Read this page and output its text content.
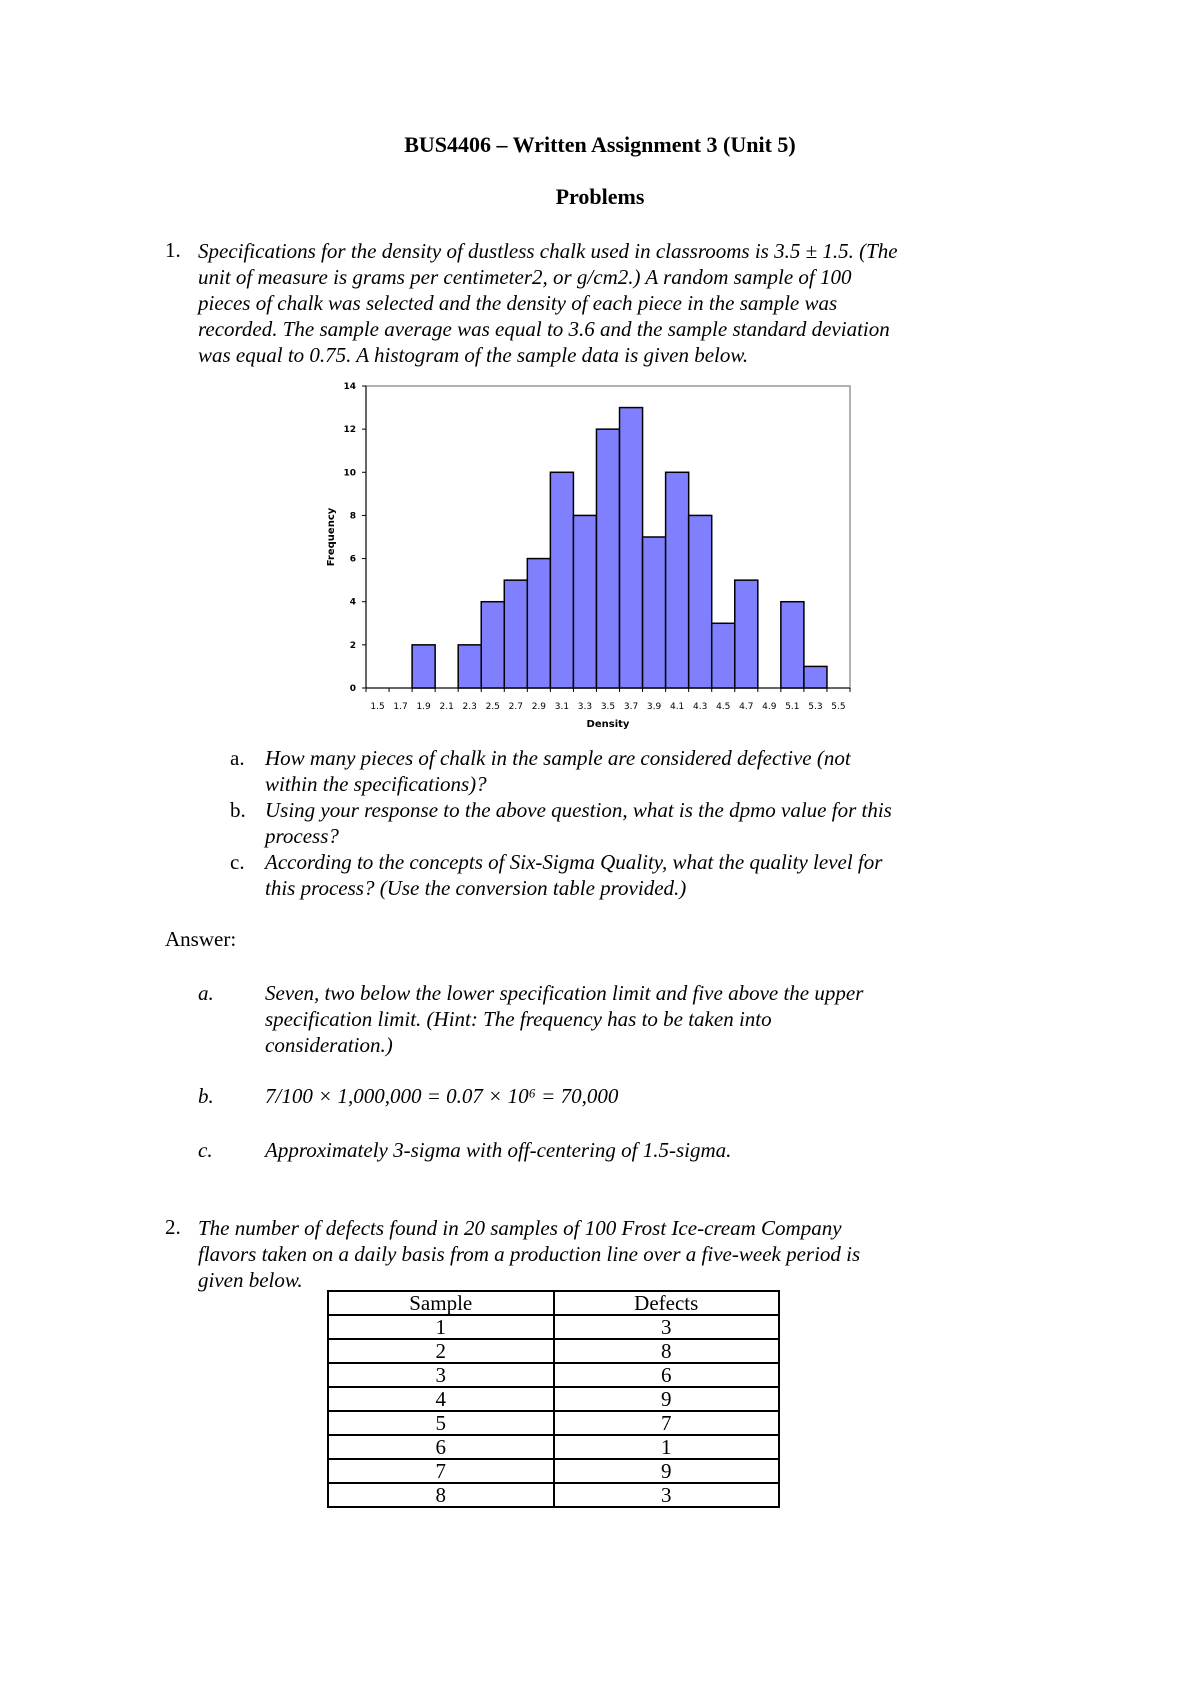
BUS4406 – Written Assignment 3 (Unit 5)
Problems
1. Specifications for the density of dustless chalk used in classrooms is 3.5 ± 1.5. (The
unit of measure is grams per centimeter2, or g/cm2.) A random sample of 100
pieces of chalk was selected and the density of each piece in the sample was
recorded. The sample average was equal to 3.6 and the sample standard deviation
was equal to 0.75. A histogram of the sample data is given below.
0
2
4
6
8
10
12
14
1.5 1.7 1.9 2.1 2.3 2.5 2.7 2.9 3.1 3.3 3.5 3.7 3.9 4.1 4.3 4.5 4.7 4.9 5.1 5.3 5.5
Density
Frequency
a. How many pieces of chalk in the sample are considered defective (not
within the specifications)?
b. Using your response to the above question, what is the dpmo value for this
process?
c. According to the concepts of Six-Sigma Quality, what the quality level for
this process? (Use the conversion table provided.)
Answer:
a.	Seven, two below the lower specification limit and five above the upper
specification limit. (Hint: The frequency has to be taken into
consideration.)
b.	7/100 × 1,000,000 = 0.07 × 10⁶ = 70,000
c.	Approximately 3-sigma with off-centering of 1.5-sigma.
2. The number of defects found in 20 samples of 100 Frost Ice-cream Company
flavors taken on a daily basis from a production line over a five-week period is
given below.
Sample	Defects
1	3
2	8
3	6
4	9
5	7
6	1
7	9
8	3
